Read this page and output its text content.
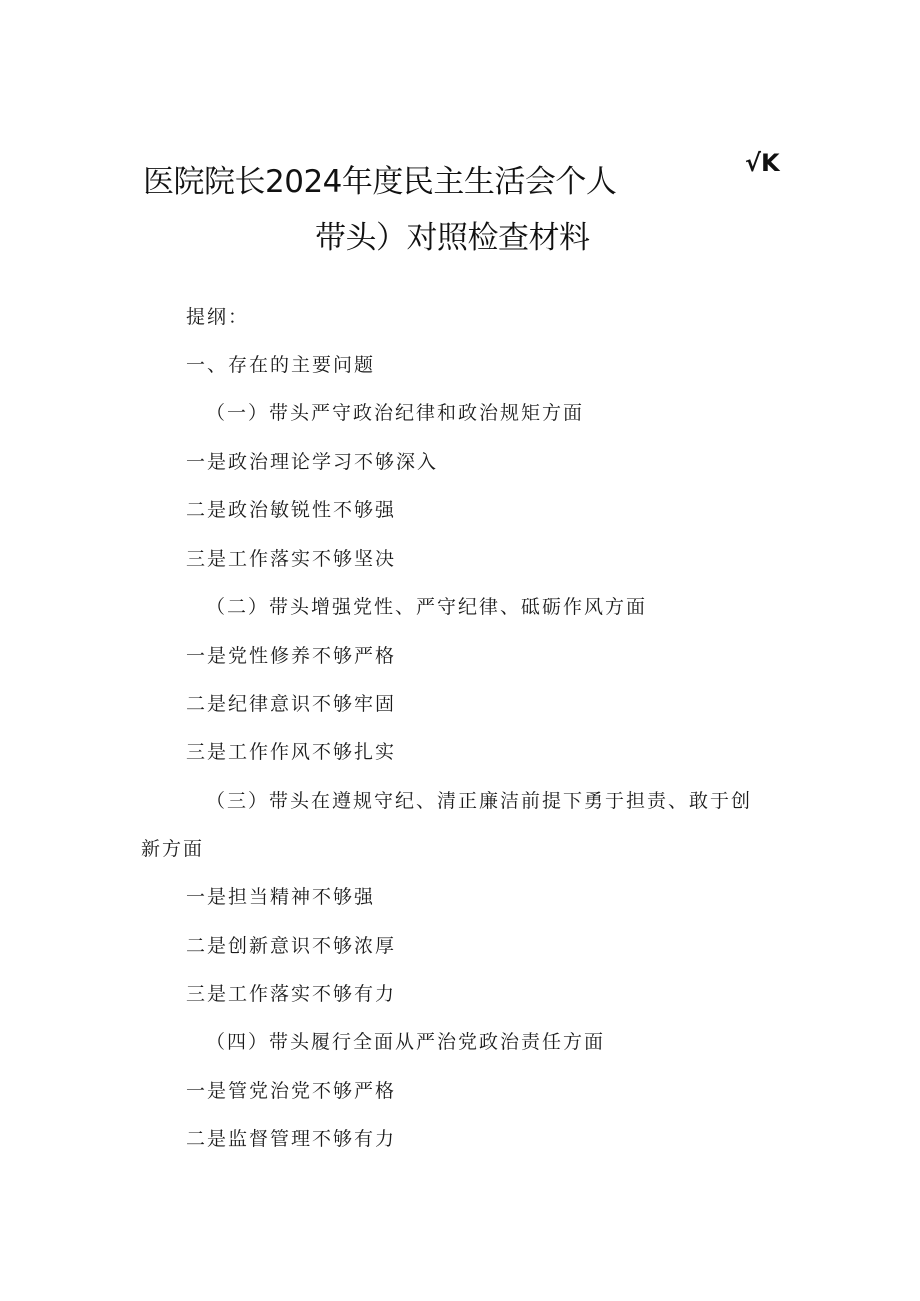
医院院长2024年度民主生活会个人
√K
带头）对照检查材料
提纲：
一、存在的主要问题
（一）带头严守政治纪律和政治规矩方面
一是政治理论学习不够深入
二是政治敏锐性不够强
三是工作落实不够坚决
（二）带头增强党性、严守纪律、砥砺作风方面
一是党性修养不够严格
二是纪律意识不够牢固
三是工作作风不够扎实
（三）带头在遵规守纪、清正廉洁前提下勇于担责、敢于创
新方面
一是担当精神不够强
二是创新意识不够浓厚
三是工作落实不够有力
（四）带头履行全面从严治党政治责任方面
一是管党治党不够严格
二是监督管理不够有力
